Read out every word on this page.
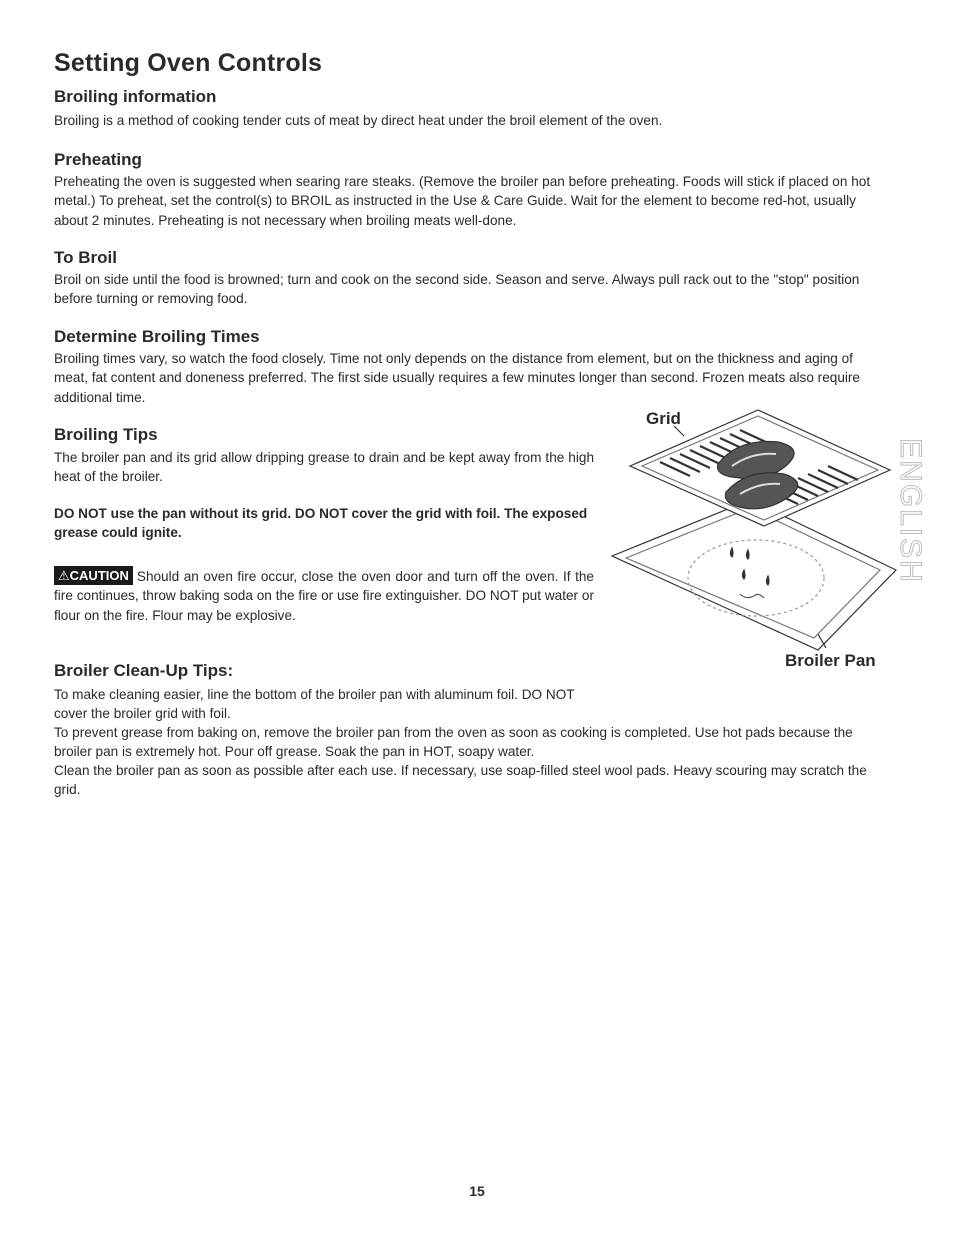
Setting Oven Controls
Broiling information
Broiling is a method of cooking tender cuts of meat by direct heat under the broil element of the oven.
Preheating
Preheating the oven is suggested when searing rare steaks. (Remove the broiler pan before preheating. Foods will stick if placed on hot metal.) To preheat, set the control(s) to BROIL as instructed in the Use & Care Guide. Wait for the element to become red-hot, usually about 2 minutes. Preheating is not necessary when broiling meats well-done.
To Broil
Broil on side until the food is browned; turn and cook on the second side. Season and serve. Always pull rack out to the "stop" position before turning or removing food.
Determine Broiling Times
Broiling times vary, so watch the food closely. Time not only depends on the distance from element, but on the thickness and aging of meat, fat content and doneness preferred. The first side usually requires a few minutes longer than second. Frozen meats also require additional time.
Broiling Tips
The broiler pan and its grid allow dripping grease to drain and be kept away from the high heat of the broiler.
DO NOT use the pan without its grid. DO NOT cover the grid with foil. The exposed grease could ignite.
⚠CAUTION Should an oven fire occur, close the oven door and turn off the oven. If the fire continues, throw baking soda on the fire or use fire extinguisher. DO NOT put water or flour on the fire. Flour may be explosive.
Broiler Clean-Up Tips:
To make cleaning easier, line the bottom of the broiler pan with aluminum foil. DO NOT cover the broiler grid with foil.
To prevent grease from baking on, remove the broiler pan from the oven as soon as cooking is completed. Use hot pads because the broiler pan is extremely hot. Pour off grease. Soak the pan in HOT, soapy water.
Clean the broiler pan as soon as possible after each use. If necessary, use soap-filled steel wool pads. Heavy scouring may scratch the grid.
Grid
Broiler Pan
ENGLISH
15
